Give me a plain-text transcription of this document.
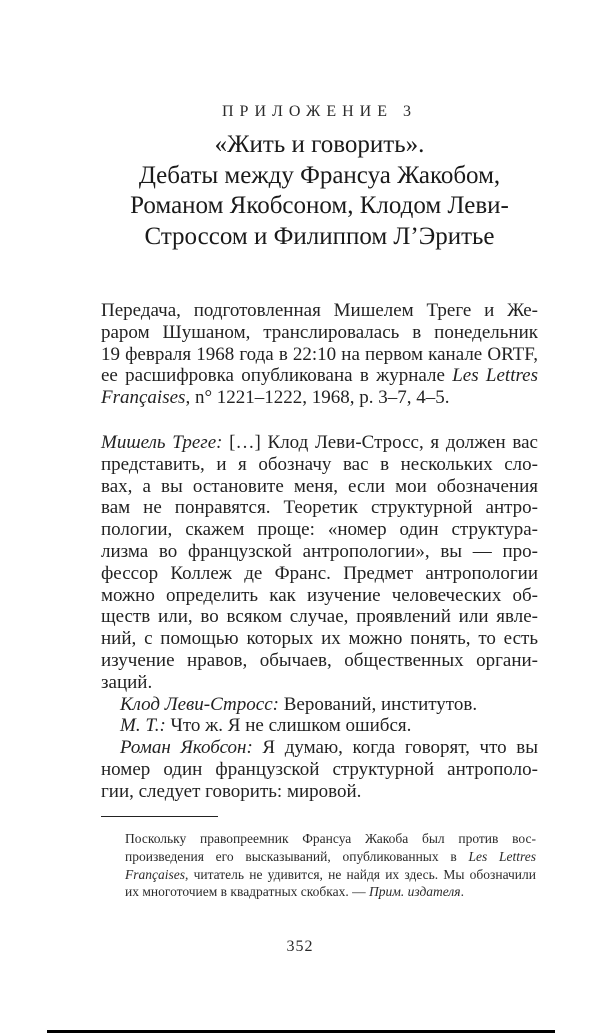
ПРИЛОЖЕНИЕ 3
«Жить и говорить».
Дебаты между Франсуа Жакобом,
Романом Якобсоном, Клодом Леви-
Строссом и Филиппом Л’Эритье
Передача, подготовленная Мишелем Треге и Же-
раром Шушаном, транслировалась в понедельник
19 февраля 1968 года в 22:10 на первом канале ORTF,
ее расшифровка опубликована в журнале Les Lettres
Françaises, n° 1221–1222, 1968, p. 3–7, 4–5.
Мишель Треге: […] Клод Леви-Стросс, я должен вас
представить, и я обозначу вас в нескольких сло-
вах, а вы остановите меня, если мои обозначения
вам не понравятся. Теоретик структурной антро-
пологии, скажем проще: «номер один структура-
лизма во французской антропологии», вы — про-
фессор Коллеж де Франс. Предмет антропологии
можно определить как изучение человеческих об-
ществ или, во всяком случае, проявлений или явле-
ний, с помощью которых их можно понять, то есть
изучение нравов, обычаев, общественных органи-
заций.
Клод Леви-Стросс: Верований, институтов.
М. Т.: Что ж. Я не слишком ошибся.
Роман Якобсон: Я думаю, когда говорят, что вы
номер один французской структурной антрополо-
гии, следует говорить: мировой.
Поскольку правопреемник Франсуа Жакоба был против воспроизведения его высказываний, опубликованных в Les Lettres Françaises, читатель не удивится, не найдя их здесь. Мы обозначили их многоточием в квадратных скобках. — Прим. издателя.
352
